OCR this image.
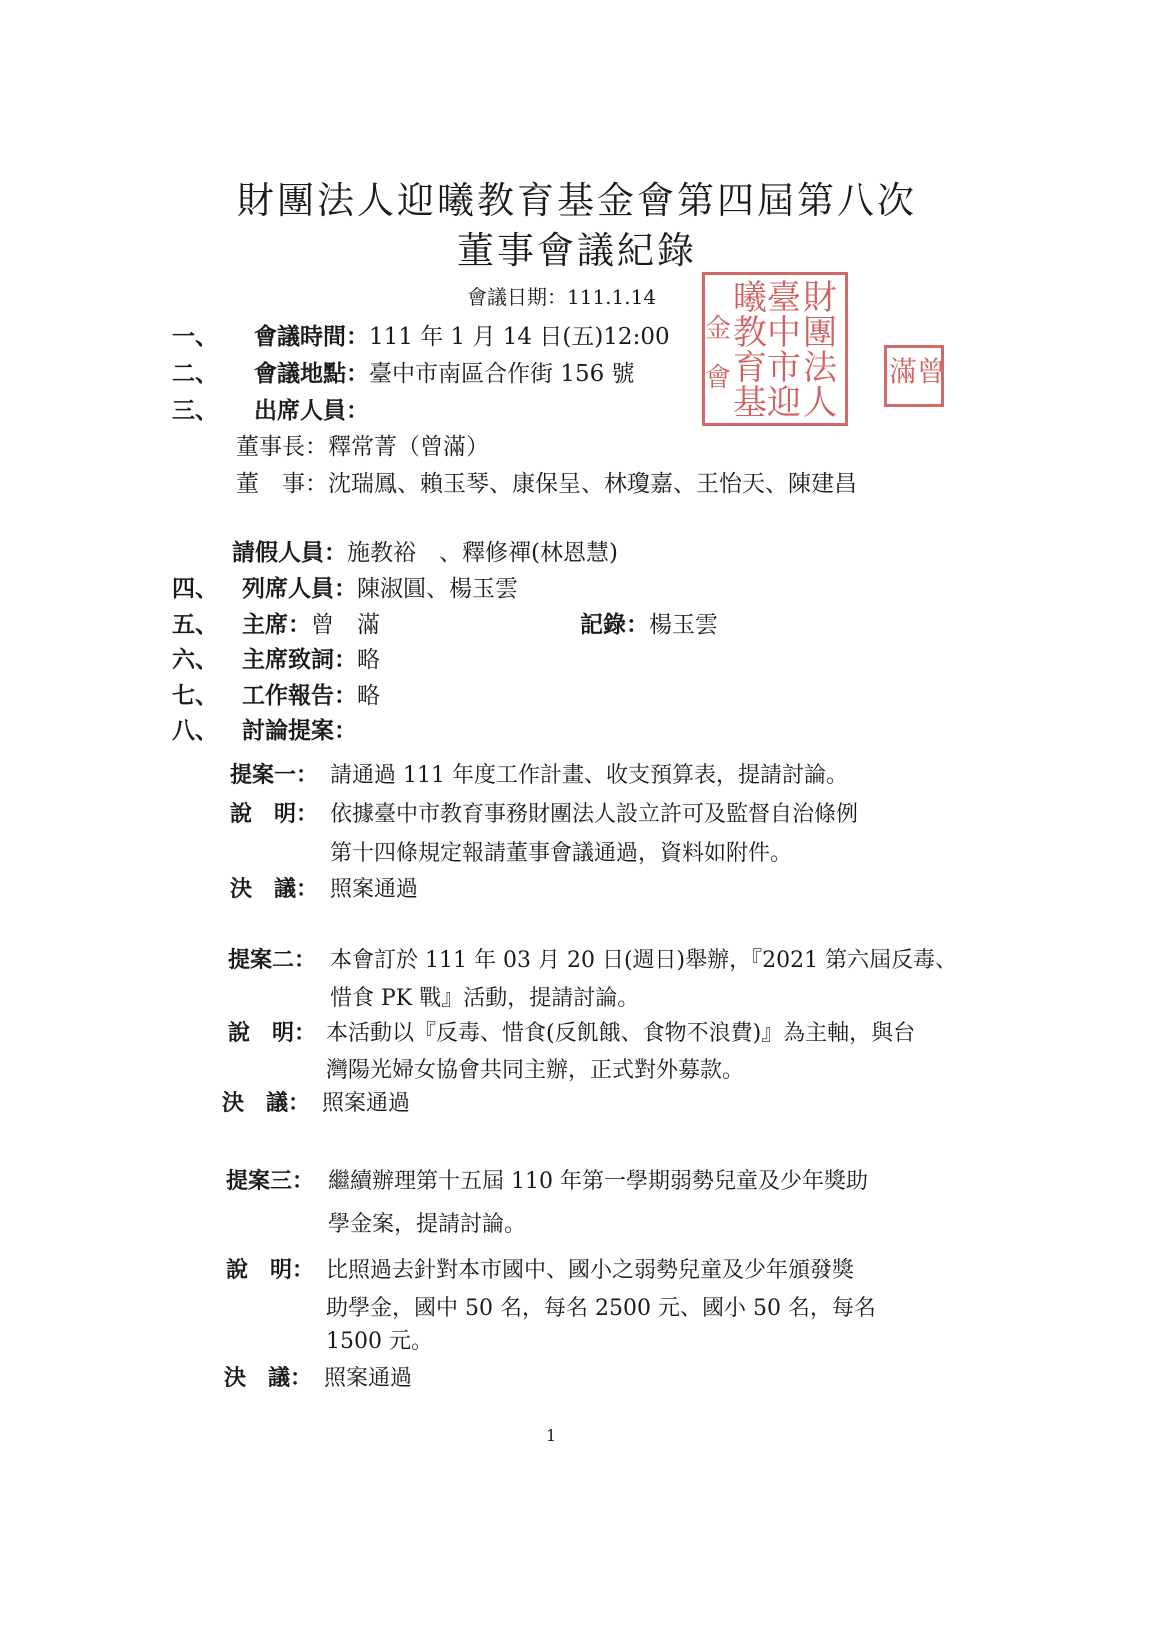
財團法人迎曦教育基金會第四屆第八次
董事會議紀錄
會議日期：111.1.14	財
團
法
人
臺
中
市
迎
曦
教
育
基
金
會	曾
滿
一、 會議時間：111 年 1 月 14 日(五)12:00
二、 會議地點：臺中市南區合作街 156 號
三、 出席人員：
董事長：釋常菁（曾滿）
董　事：沈瑞鳳、賴玉琴、康保呈、林瓊嘉、王怡天、陳建昌
請假人員：施教裕　、釋修禪(林恩慧)
四、 列席人員：陳淑圓、楊玉雲
五、 主席：曾　滿	記錄：楊玉雲
六、 主席致詞：略
七、 工作報告：略
八、 討論提案：
提案一： 請通過 111 年度工作計畫、收支預算表，提請討論。
說　明： 依據臺中市教育事務財團法人設立許可及監督自治條例
第十四條規定報請董事會議通過，資料如附件。
決　議： 照案通過
提案二： 本會訂於 111 年 03 月 20 日(週日)舉辦，『2021 第六屆反毒、
惜食 PK 戰』活動，提請討論。
說　明： 本活動以『反毒、惜食(反飢餓、食物不浪費)』為主軸，與台
灣陽光婦女協會共同主辦，正式對外募款。
決　議： 照案通過
提案三： 繼續辦理第十五屆 110 年第一學期弱勢兒童及少年獎助
學金案，提請討論。
說　明： 比照過去針對本市國中、國小之弱勢兒童及少年頒發獎
助學金，國中 50 名，每名 2500 元、國小 50 名，每名
1500 元。
決　議： 照案通過
1
